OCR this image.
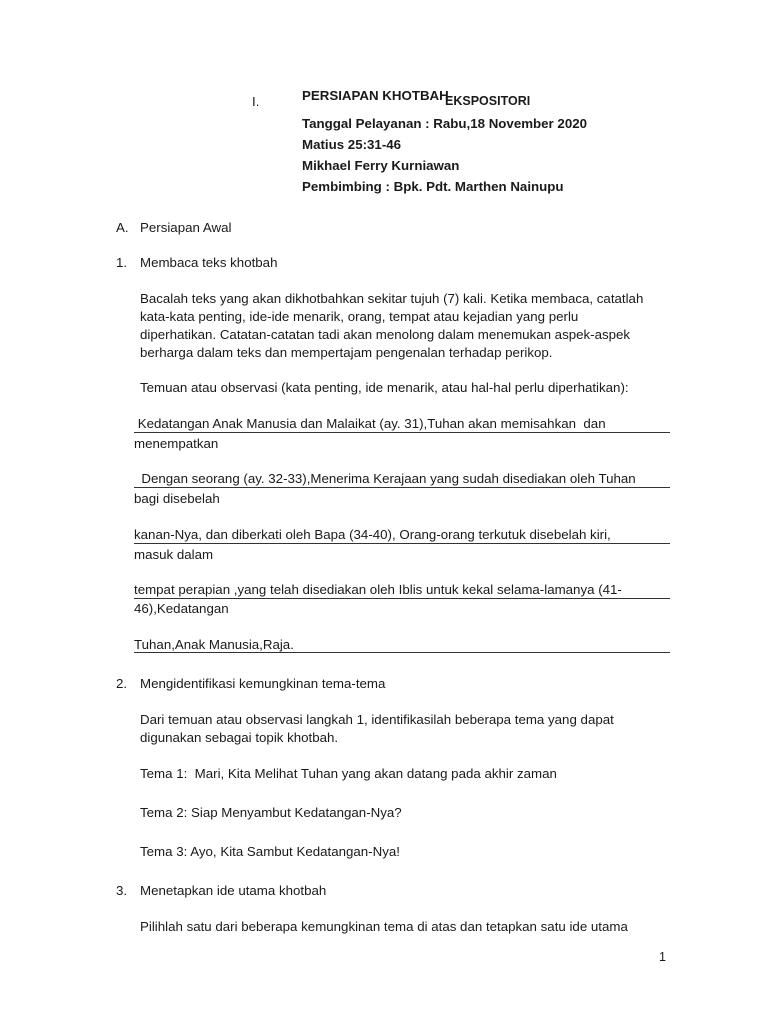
I.	PERSIAPAN KHOTBAH
EKSPOSITORI
Tanggal Pelayanan : Rabu,18 November 2020
Matius 25:31-46
Mikhael Ferry Kurniawan
Pembimbing : Bpk. Pdt. Marthen Nainupu
A. Persiapan Awal
1. Membaca teks khotbah
Bacalah teks yang akan dikhotbahkan sekitar tujuh (7) kali. Ketika membaca, catatlah
kata-kata penting, ide-ide menarik, orang, tempat atau kejadian yang perlu
diperhatikan. Catatan-catatan tadi akan menolong dalam menemukan aspek-aspek
berharga dalam teks dan mempertajam pengenalan terhadap perikop.
Temuan atau observasi (kata penting, ide menarik, atau hal-hal perlu diperhatikan):
Kedatangan Anak Manusia dan Malaikat (ay. 31),Tuhan akan memisahkan  dan
menempatkan
Dengan seorang (ay. 32-33),Menerima Kerajaan yang sudah disediakan oleh Tuhan
bagi disebelah
kanan-Nya, dan diberkati oleh Bapa (34-40), Orang-orang terkutuk disebelah kiri,
masuk dalam
tempat perapian ,yang telah disediakan oleh Iblis untuk kekal selama-lamanya (41-
46),Kedatangan
Tuhan,Anak Manusia,Raja.
2. Mengidentifikasi kemungkinan tema-tema
Dari temuan atau observasi langkah 1, identifikasilah beberapa tema yang dapat
digunakan sebagai topik khotbah.
Tema 1:  Mari, Kita Melihat Tuhan yang akan datang pada akhir zaman
Tema 2: Siap Menyambut Kedatangan-Nya?
Tema 3: Ayo, Kita Sambut Kedatangan-Nya!
3. Menetapkan ide utama khotbah
Pilihlah satu dari beberapa kemungkinan tema di atas dan tetapkan satu ide utama
1
